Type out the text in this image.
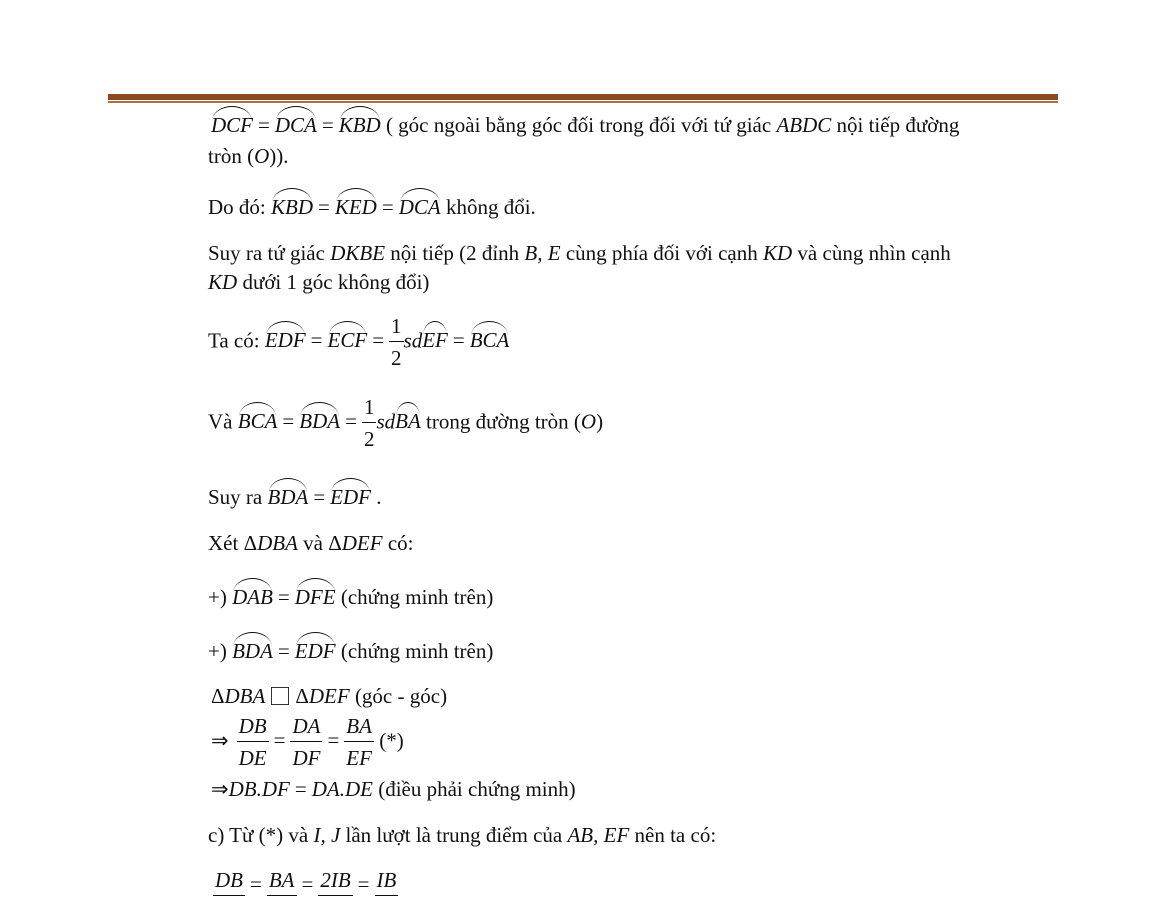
DCF = DCA = KBD ( góc ngoài bằng góc đối trong đối với tứ giác ABDC nội tiếp đường
tròn (O)).
Do đó: KBD = KED = DCA không đổi.
Suy ra tứ giác DKBE nội tiếp (2 đỉnh B, E cùng phía đối với cạnh KD và cùng nhìn cạnh
KD dưới 1 góc không đổi)
Ta có: EDF = ECF = $\frac{1}{2}$ sdEF = BCA
Và BCA = BDA = $\frac{1}{2}$ sdBA trong đường tròn (O)
Suy ra BDA = EDF .
Xét ΔDBA và ΔDEF có:
+) DAB = DFE (chứng minh trên)
+) BDA = EDF (chứng minh trên)
ΔDBA ΔDEF (góc - góc)
⇒ $\frac{DB}{DE} = \frac{DA}{DF} = \frac{BA}{EF}$ (*)
⇒DB.DF = DA.DE (điều phải chứng minh)
c) Từ (*) và I, J lần lượt là trung điểm của AB, EF nên ta có:
DB = BA = 2IB = IB
